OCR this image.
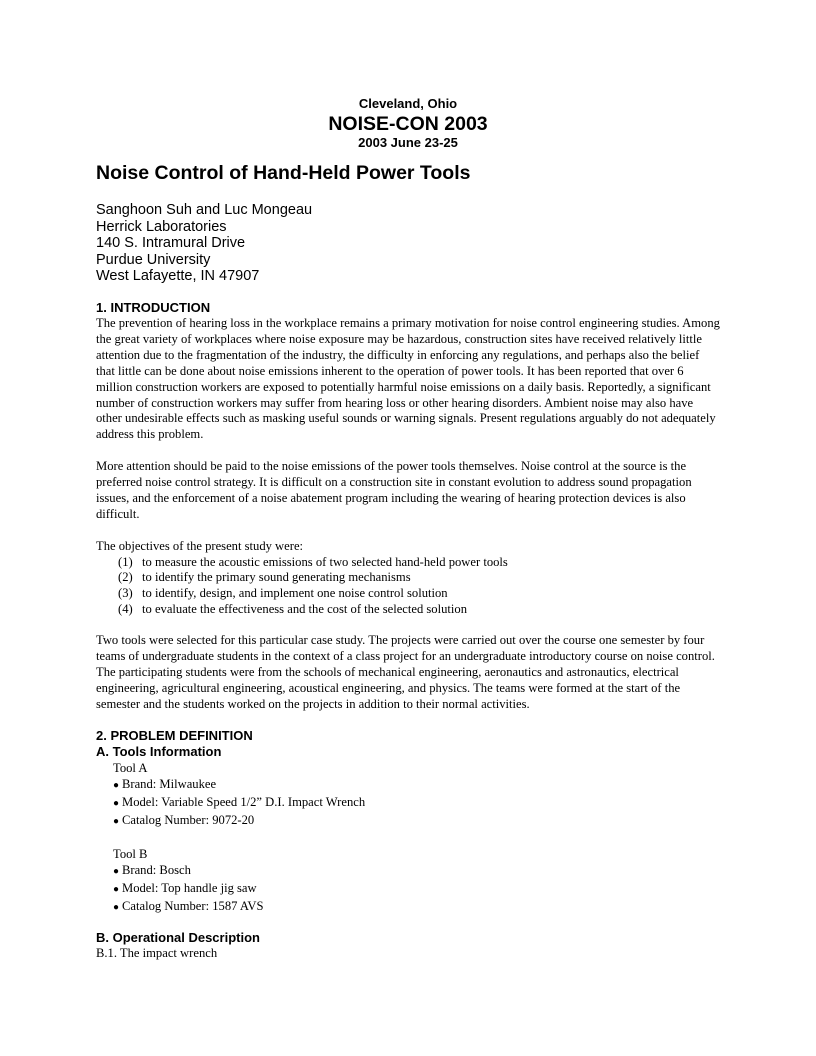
Cleveland, Ohio
NOISE-CON 2003
2003 June 23-25
Noise Control of Hand-Held Power Tools
Sanghoon Suh and Luc Mongeau
Herrick Laboratories
140 S. Intramural Drive
Purdue University
West Lafayette, IN 47907
1. INTRODUCTION

The prevention of hearing loss in the workplace remains a primary motivation for noise control engineering studies. Among the great variety of workplaces where noise exposure may be hazardous, construction sites have received relatively little attention due to the fragmentation of the industry, the difficulty in enforcing any regulations, and perhaps also the belief that little can be done about noise emissions inherent to the operation of power tools. It has been reported that over 6 million construction workers are exposed to potentially harmful noise emissions on a daily basis. Reportedly, a significant number of construction workers may suffer from hearing loss or other hearing disorders. Ambient noise may also have other undesirable effects such as masking useful sounds or warning signals. Present regulations arguably do not adequately address this problem.

More attention should be paid to the noise emissions of the power tools themselves. Noise control at the source is the preferred noise control strategy. It is difficult on a construction site in constant evolution to address sound propagation issues, and the enforcement of a noise abatement program including the wearing of hearing protection devices is also difficult.

The objectives of the present study were:

(1) to measure the acoustic emissions of two selected hand-held power tools
(2) to identify the primary sound generating mechanisms
(3) to identify, design, and implement one noise control solution
(4) to evaluate the effectiveness and the cost of the selected solution

Two tools were selected for this particular case study. The projects were carried out over the course one semester by four teams of undergraduate students in the context of a class project for an undergraduate introductory course on noise control. The participating students were from the schools of mechanical engineering, aeronautics and astronautics, electrical engineering, agricultural engineering, acoustical engineering, and physics. The teams were formed at the start of the semester and the students worked on the projects in addition to their normal activities.

2. PROBLEM DEFINITION
A. Tools Information
Tool A
● Brand: Milwaukee
● Model: Variable Speed 1/2” D.I. Impact Wrench
● Catalog Number: 9072-20
Tool B
● Brand: Bosch
● Model: Top handle jig saw
● Catalog Number: 1587 AVS
B. Operational Description

B.1. The impact wrench
